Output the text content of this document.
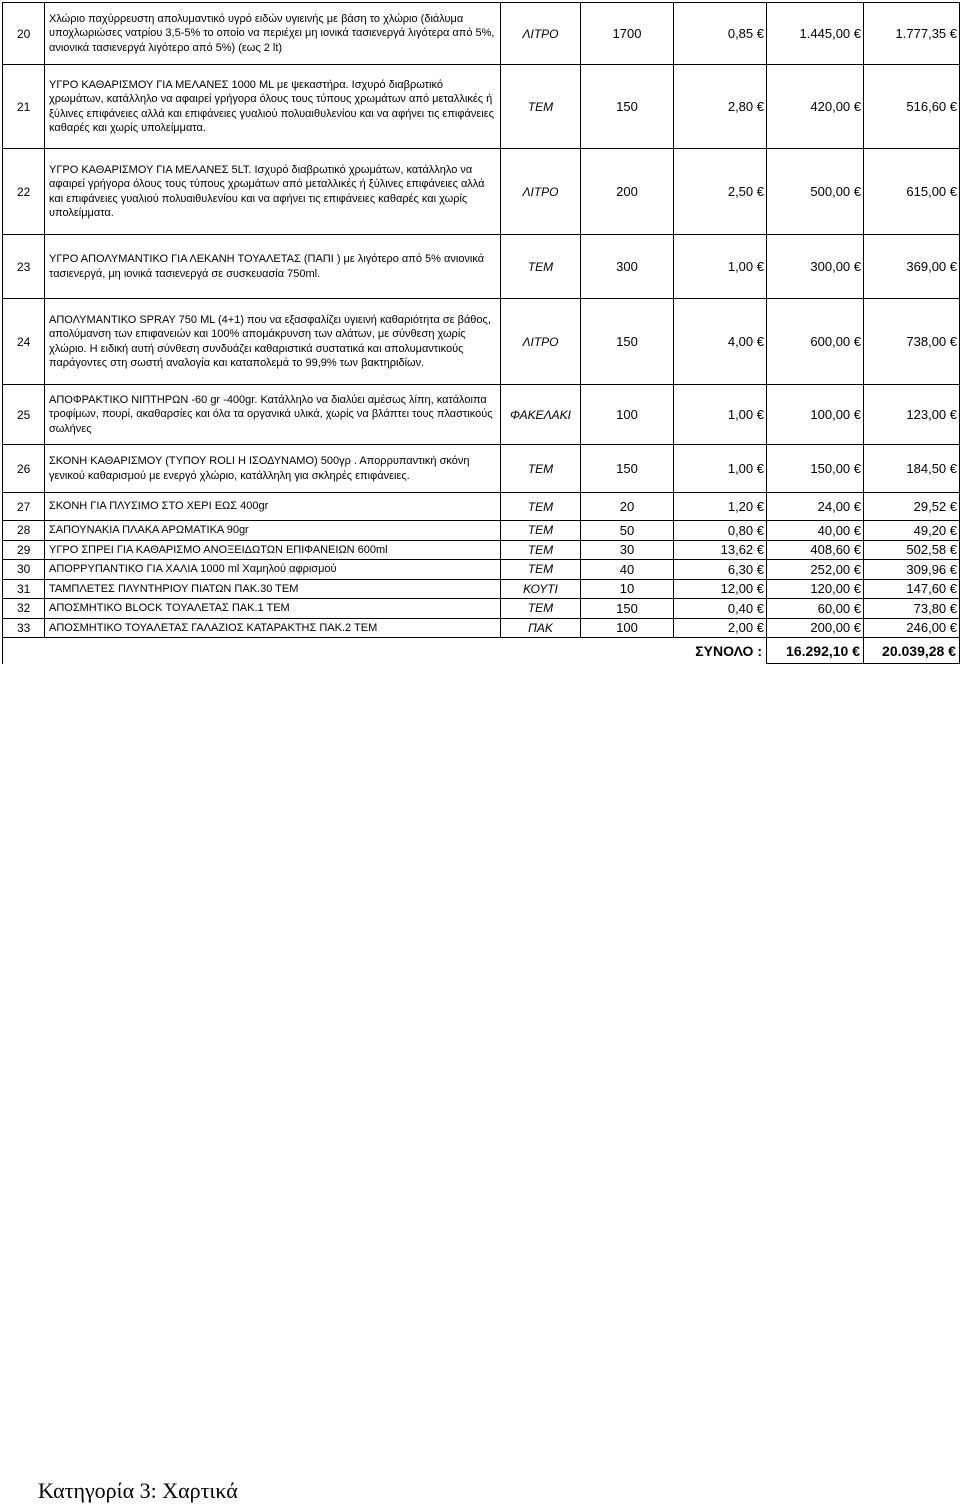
20	Χλώριο παχύρρευστη απολυμαντικό υγρό ειδών υγιεινής με βάση το χλώριο (διάλυμα υποχλωριώσες νατρίου 3,5-5% το οποίο να περιέχει μη ιονικά τασιενεργά λιγότερα από 5%, ανιονικά τασιενεργά λιγότερο από 5%) (εως 2 lt)	ΛΙΤΡΟ	1700	0,85 €	1.445,00 €	1.777,35 €
21	ΥΓΡΟ ΚΑΘΑΡΙΣΜΟΥ ΓΙΑ ΜΕΛΑΝΕΣ 1000 ML με ψεκαστήρα. Ισχυρό διαβρωτικό χρωμάτων, κατάλληλο να αφαιρεί γρήγορα όλους τους τύπους χρωμάτων από μεταλλικές ή ξύλινες επιφάνειες αλλά και επιφάνειες γυαλιού πολυαιθυλενίου και να αφήνει τις επιφάνειες καθαρές και χωρίς υπολείμματα.	ΤΕΜ	150	2,80 €	420,00 €	516,60 €
22	ΥΓΡΟ ΚΑΘΑΡΙΣΜΟΥ ΓΙΑ ΜΕΛΑΝΕΣ 5LT. Ισχυρό διαβρωτικό χρωμάτων, κατάλληλο να αφαιρεί γρήγορα όλους τους τύπους χρωμάτων από μεταλλικές ή ξύλινες επιφάνειες αλλά και επιφάνειες γυαλιού πολυαιθυλενίου και να αφήνει τις επιφάνειες καθαρές και χωρίς υπολείμματα.	ΛΙΤΡΟ	200	2,50 €	500,00 €	615,00 €
23	ΥΓΡΟ ΑΠΟΛΥΜΑΝΤΙΚΟ ΓΙΑ ΛΕΚΑΝΗ ΤΟΥΑΛΕΤΑΣ (ΠΑΠΙ ) με λιγότερο από 5% ανιονικά τασιενεργά, μη ιονικά τασιενεργά σε συσκευασία 750ml.	ΤΕΜ	300	1,00 €	300,00 €	369,00 €
24	ΑΠΟΛΥΜΑΝΤΙΚΟ SPRAY 750 ML (4+1) που να εξασφαλίζει υγιεινή καθαριότητα σε βάθος, απολύμανση των επιφανειών και 100% απομάκρυνση των αλάτων, με σύνθεση χωρίς χλώριο. Η ειδική αυτή σύνθεση συνδυάζει καθαριστικά συστατικά και απολυμαντικούς παράγοντες στη σωστή αναλογία και καταπολεμά το 99,9% των βακτηριδίων.	ΛΙΤΡΟ	150	4,00 €	600,00 €	738,00 €
25	ΑΠΟΦΡΑΚΤΙΚΟ ΝΙΠΤΗΡΩΝ -60 gr -400gr. Κατάλληλο να διαλύει αμέσως λίπη, κατάλοιπα τροφίμων, πουρί, ακαθαρσίες και όλα τα οργανικά υλικά, χωρίς να βλάπτει τους πλαστικούς σωλήνες	ΦΑΚΕΛΑΚΙ	100	1,00 €	100,00 €	123,00 €
26	ΣΚΟΝΗ ΚΑΘΑΡΙΣΜΟΥ (ΤΥΠΟΥ ROLI Η ΙΣΟΔΥΝΑΜΟ) 500γρ . Απορρυπαντική σκόνη γενικού καθαρισμού με ενεργό χλώριο, κατάλληλη για σκληρές επιφάνειες.	ΤΕΜ	150	1,00 €	150,00 €	184,50 €
27	ΣΚΟΝΗ ΓΙΑ ΠΛΥΣΙΜΟ ΣΤΟ ΧΕΡΙ ΕΩΣ 400gr	ΤΕΜ	20	1,20 €	24,00 €	29,52 €
28	ΣΑΠΟΥΝΑΚΙΑ ΠΛΑΚΑ ΑΡΩΜΑΤΙΚΑ 90gr	ΤΕΜ	50	0,80 €	40,00 €	49,20 €
29	ΥΓΡΟ ΣΠΡΕΙ ΓΙΑ ΚΑΘΑΡΙΣΜΟ ΑΝΟΞΕΙΔΩΤΩΝ ΕΠΙΦΑΝΕΙΩΝ 600ml	ΤΕΜ	30	13,62 €	408,60 €	502,58 €
30	ΑΠΟΡΡΥΠΑΝΤΙΚΟ ΓΙΑ ΧΑΛΙΑ 1000 ml Χαμηλού αφρισμού	ΤΕΜ	40	6,30 €	252,00 €	309,96 €
31	ΤΑΜΠΛΕΤΕΣ ΠΛΥΝΤΗΡΙΟΥ ΠΙΑΤΩΝ ΠΑΚ.30 ΤΕΜ	ΚΟΥΤΙ	10	12,00 €	120,00 €	147,60 €
32	ΑΠΟΣΜΗΤΙΚΟ BLOCK ΤΟΥΑΛΕΤΑΣ ΠΑΚ.1 ΤΕΜ	ΤΕΜ	150	0,40 €	60,00 €	73,80 €
33	ΑΠΟΣΜΗΤΙΚΟ ΤΟΥΑΛΕΤΑΣ ΓΑΛΑΖΙΟΣ ΚΑΤΑΡΑΚΤΗΣ ΠΑΚ.2 ΤΕΜ	ΠΑΚ	100	2,00 €	200,00 €	246,00 €
				ΣΥΝΟΛΟ :	16.292,10 €	20.039,28 €
Κατηγορία 3: Χαρτικά
